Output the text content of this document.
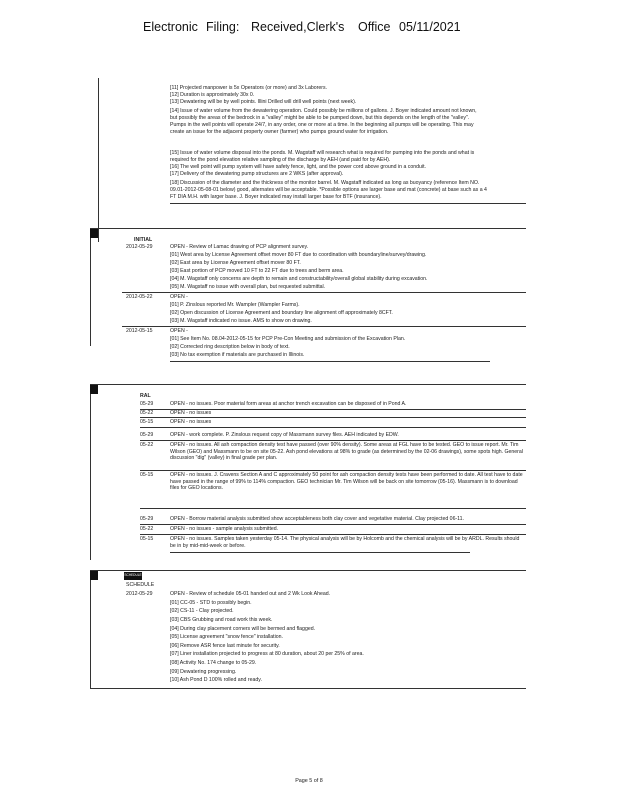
Electronic Filing: Received,Clerk's Office 05/11/2021
[11] Projected manpower is 5x Operators (or more) and 3x Laborers.
[12] Duration is approximately 30x 0.
[13] Dewatering will be by well points. Illini Drilled will drill well points (next week).
[14] Issue of water volume from the dewatering operation. Could possibly be millions of gallons. J. Boyer indicated amount not known,
but possibly the areas of the bedrock in a "valley" might be able to be pumped down, but this depends on the length of the "valley".
Pumps in the well points will operate 24/7, in any order, one or more at a time. In the beginning all pumps will be operating. This may
create an issue for the adjacent property owner (farmer) who pumps ground water for irrigation.
[15] Issue of water volume disposal into the ponds. M. Wagstaff will research what is required for pumping into the ponds and what is
required for the pond elevation relative sampling of the discharge by AEH (and paid for by AEH).
[16] The well point will pump system will have safety fence, light, and the power cord above ground in a conduit.
[17] Delivery of the dewatering pump structures are 2 WKS (after approval).
[18] Discussion of the diameter and the thickness of the monitor barrel. M. Wagstaff indicated as long as buoyancy (reference Item NO.
09.01-2012-05-08-01 below) good, alternates will be acceptable. *Possible options are larger base and mat (concrete) at base such as a 4
FT DIA M.H. with larger base. J. Boyer indicated may install larger base for BTF (insurance).
INITIAL
2012-05-29	OPEN - Review of Lamac drawing of PCP alignment survey.
[01] West area by License Agreement offset mover 80 FT due to coordination with boundaryline/survey/drawing.
[02] East area by License Agreement offset mover 80 FT.
[03] East portion of PCP moved 10 FT to 22 FT due to trees and berm area.
[04] M. Wagstaff only concerns are depth to remain and constructability/overall global stability during excavation.
[05] M. Wagstaff no issue with overall plan, but requested submittal.
2012-05-22	OPEN -
[01] P. Zinslous reported Mr. Wampler (Wampler Farms).
[02] Open discussion of License Agreement and boundary line alignment off approximately 8CFT.
[03] M. Wagstaff indicated no issue. AMS to show on drawing.
2012-05-15	OPEN -
[01] See Item No. 08.04-2012-05-15 for PCP Pre-Con Meeting and submission of the Excavation Plan.
[02] Corrected ring description below in body of text.
[03] No tax exemption if materials are purchased in Illinois.
RAL
05-29	OPEN - no issues. Poor material form areas at anchor trench excavation can be disposed of in Pond A.
05-22	OPEN - no issues
05-15	OPEN - no issues
05-29	OPEN - work complete. P. Zinslous request copy of Massmann survey files. AEH indicated by EDW.
05-22	OPEN - no issues. All ash compaction density test have passed (over 90% density). Some areas at FGL have to be tested. GEO to issue report. Mr. Tim Wilson (GEO) and Massmann to be on site 05-22. Ash pond elevations at 98% to grade (as determined by the 02-06 drawings), some spots high. General discussion "dig" (valley) in final grade per plan.
05-15	OPEN - no issues. J. Cravens Section A and C approximately 50 point for ash compaction density tests have been performed to date. All test have to date have passed in the range of 99% to 114% compaction. GEO technician Mr. Tim Wilson will be back on site tomorrow (05-16). Massmann is to download files for GEO locations.
05-29	OPEN - Borrow material analysis submitted show acceptableness both clay cover and vegetative material. Clay projected 06-11.
05-22	OPEN - no issues - sample analysis submitted.
05-15	OPEN - no issues. Samples taken yesterday 05-14. The physical analysis will be by Holcomb and the chemical analysis will be by ARDL. Results should be in by mid-mid-week or before.
SCHEDULE
SCHEDULE
2012-05-29	OPEN - Review of schedule 05-01 handed out and 2 Wk Look Ahead.
[01] CC-05 - STD to possibly begin.
[02] CS-11 - Clay projected.
[03] CBS Grubbing and road work this week.
[04] During clay placement corners will be bermed and flagged.
[05] License agreement "snow fence" installation.
[06] Remove ASR fence last minute for security.
[07] Liner installation projected to progress at 80 duration, about 20 per 25% of area.
[08] Activity No. 174 change to 05-29.
[09] Dewatering progressing.
[10] Ash Pond D 100% rolled and ready.
Page 5 of 8
